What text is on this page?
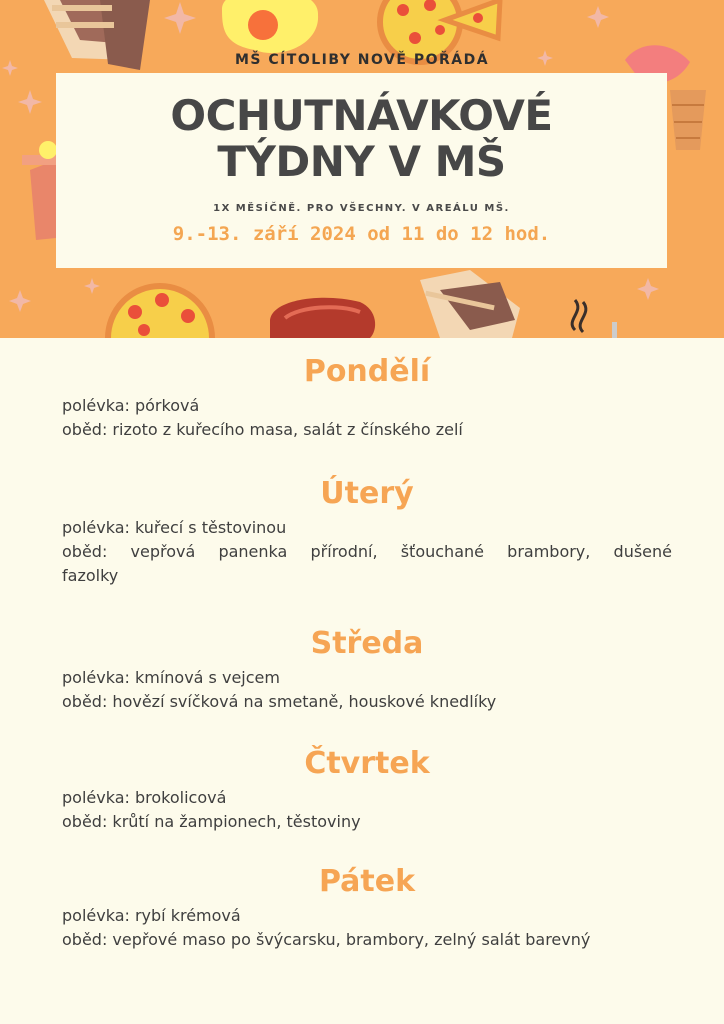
MŠ CÍTOLIBY NOVĚ POŘÁDÁ
OCHUTNÁVKOVÉ
TÝDNY V MŠ
1X MĚSÍČNĚ. PRO VŠECHNY. V AREÁLU MŠ.
9.-13. září 2024 od 11 do 12 hod.
Pondělí
polévka: pórková
oběd: rizoto z kuřecího masa, salát z čínského zelí
Úterý
polévka: kuřecí s těstovinou
oběd: vepřová panenka přírodní, šťouchané brambory, dušené fazolky
Středa
polévka: kmínová s vejcem
oběd: hovězí svíčková na smetaně, houskové knedlíky
Čtvrtek
polévka: brokolicová
oběd: krůtí na žampionech, těstoviny
Pátek
polévka: rybí krémová
oběd: vepřové maso po švýcarsku, brambory, zelný salát barevný
